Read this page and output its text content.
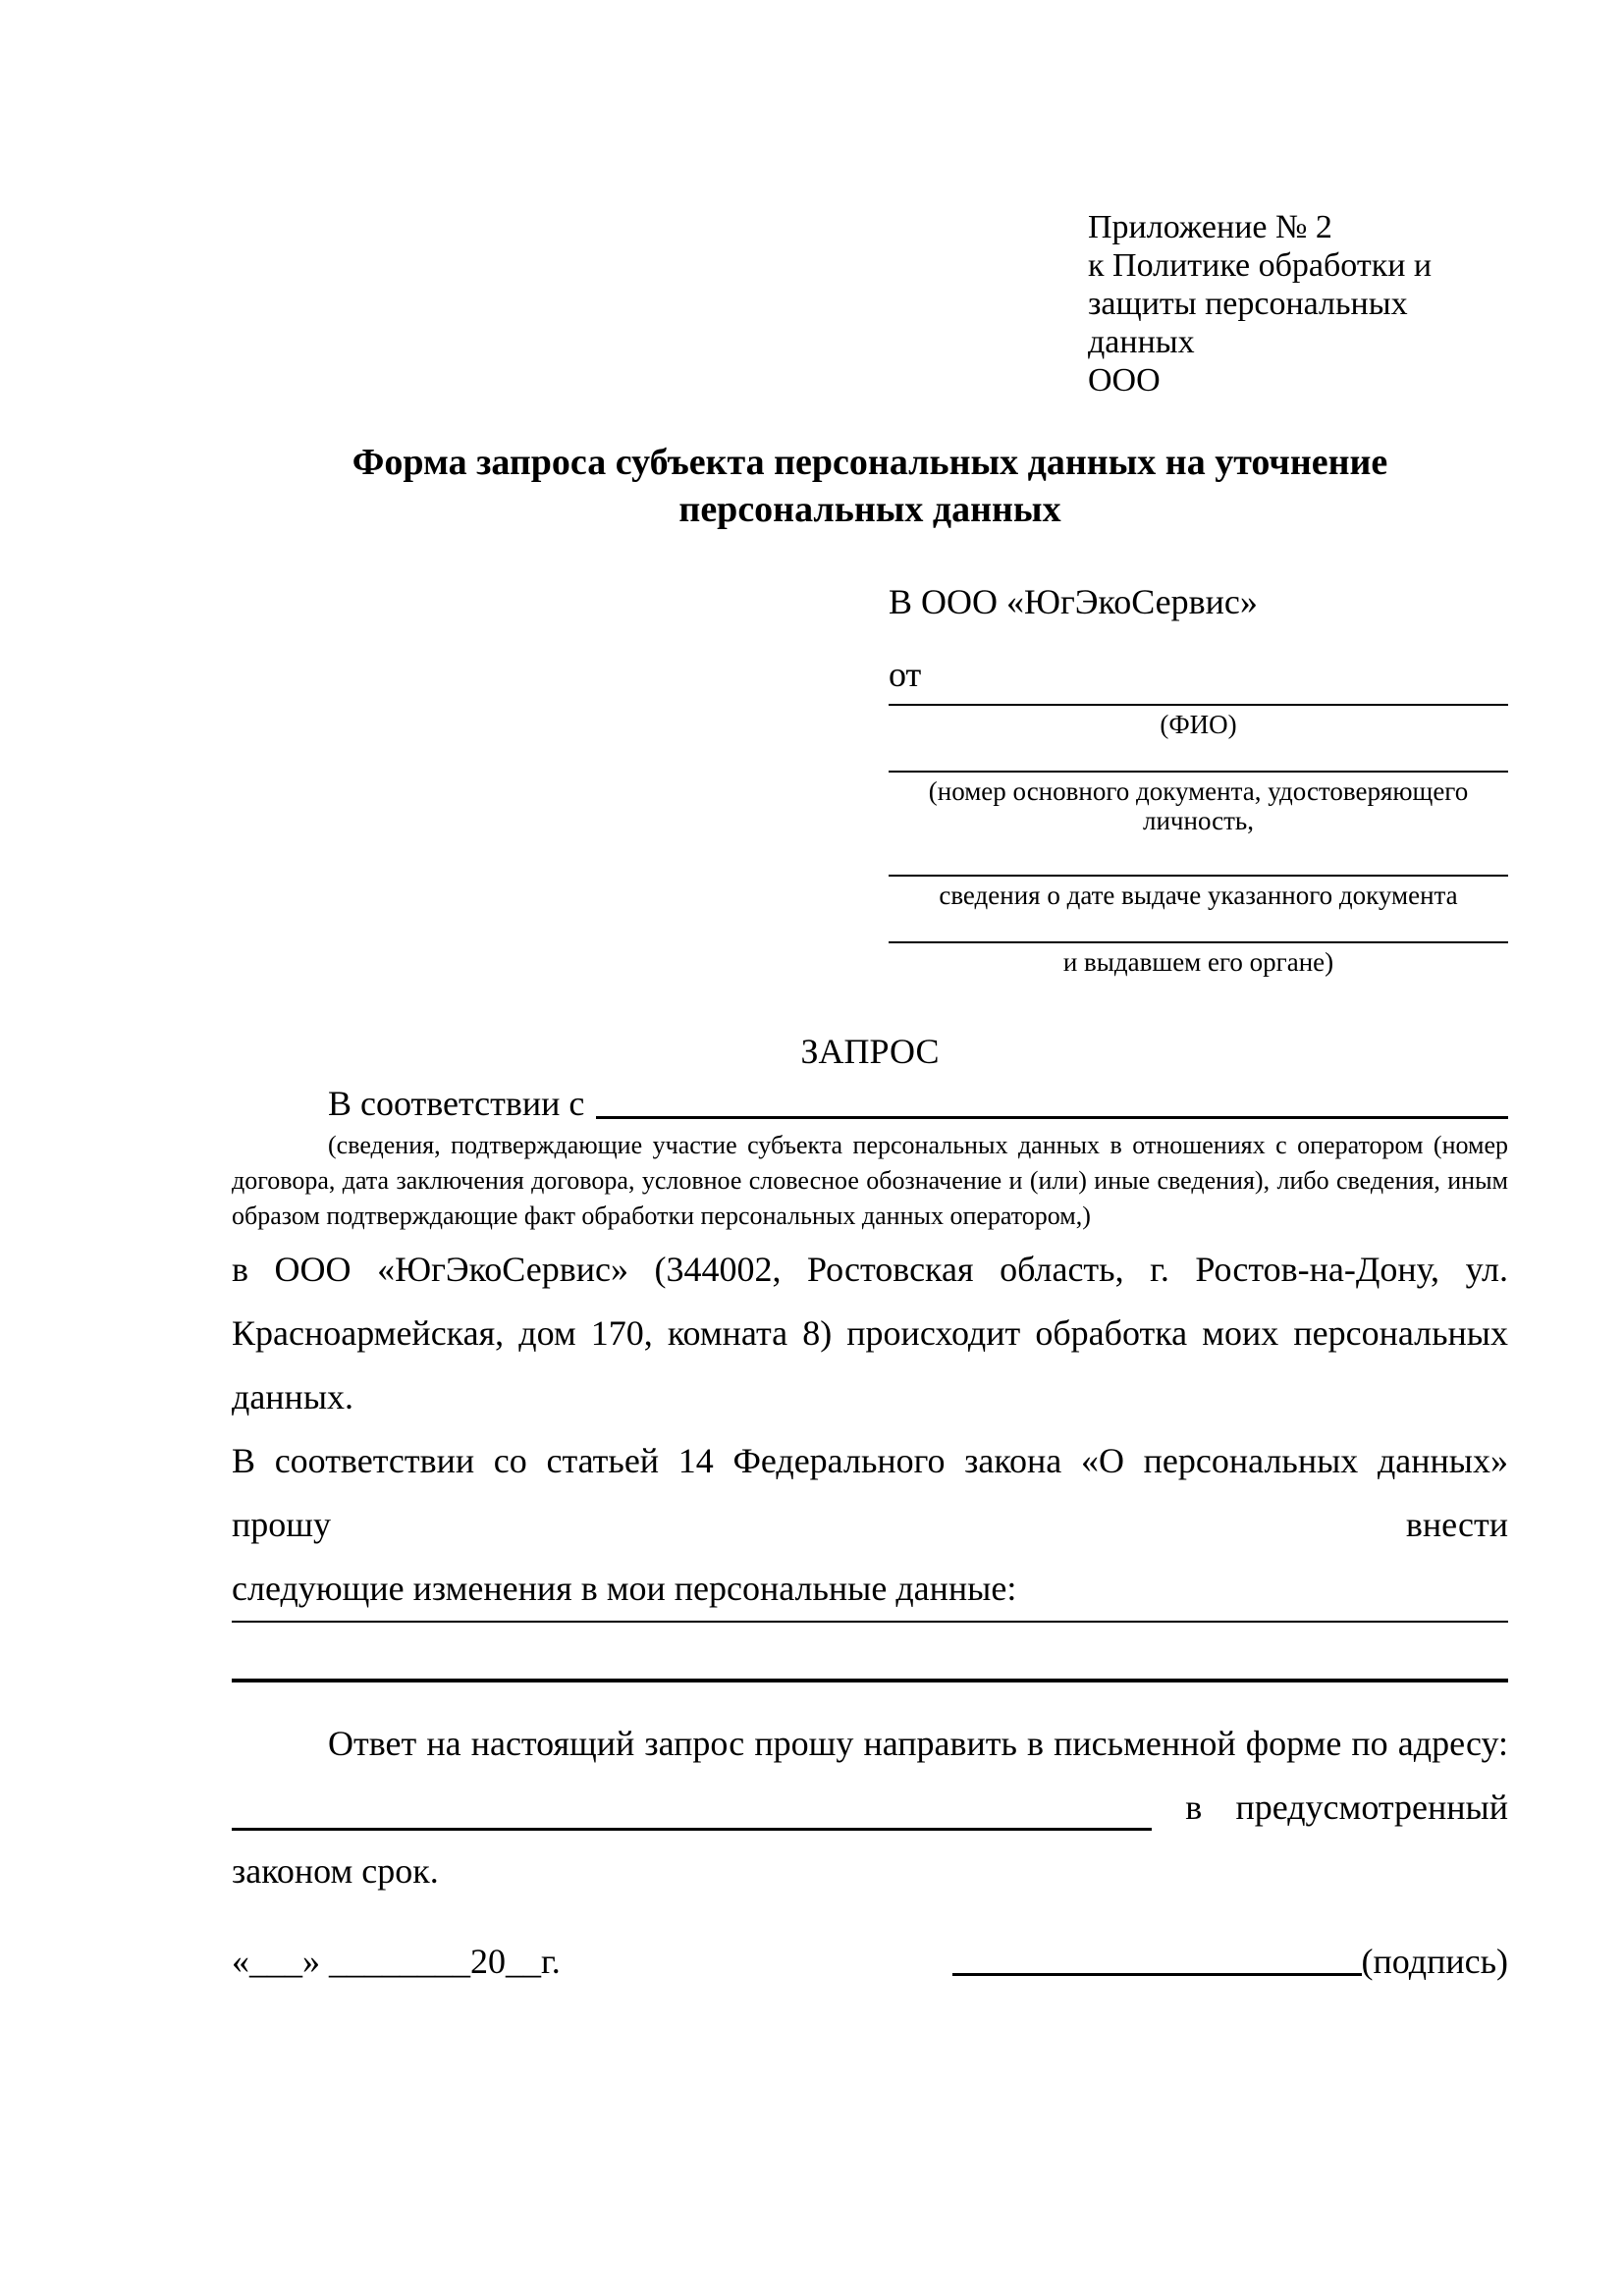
Приложение № 2
к Политике обработки и
защиты персональных данных
ООО
Форма запроса субъекта персональных данных на уточнение
персональных данных
В ООО «ЮгЭкоСервис»
от
(ФИО)
(номер основного документа, удостоверяющего личность,
сведения о дате выдаче указанного документа
и выдавшем его органе)
ЗАПРОС
В соответствии с
(сведения, подтверждающие участие субъекта персональных данных в отношениях с оператором (номер договора, дата заключения договора, условное словесное обозначение и (или) иные сведения), либо сведения, иным образом подтверждающие факт обработки персональных данных оператором,)
в ООО «ЮгЭкоСервис» (344002, Ростовская область, г. Ростов-на-Дону, ул.
Красноармейская, дом 170, комната 8) происходит обработка моих персональных данных.
В соответствии со статьей 14 Федерального закона «О персональных данных» прошу внести
следующие изменения в мои персональные данные:
Ответ на настоящий запрос прошу направить в письменной форме по адресу:
в предусмотренный
законом срок.
«___» ________20__г.	(подпись)
